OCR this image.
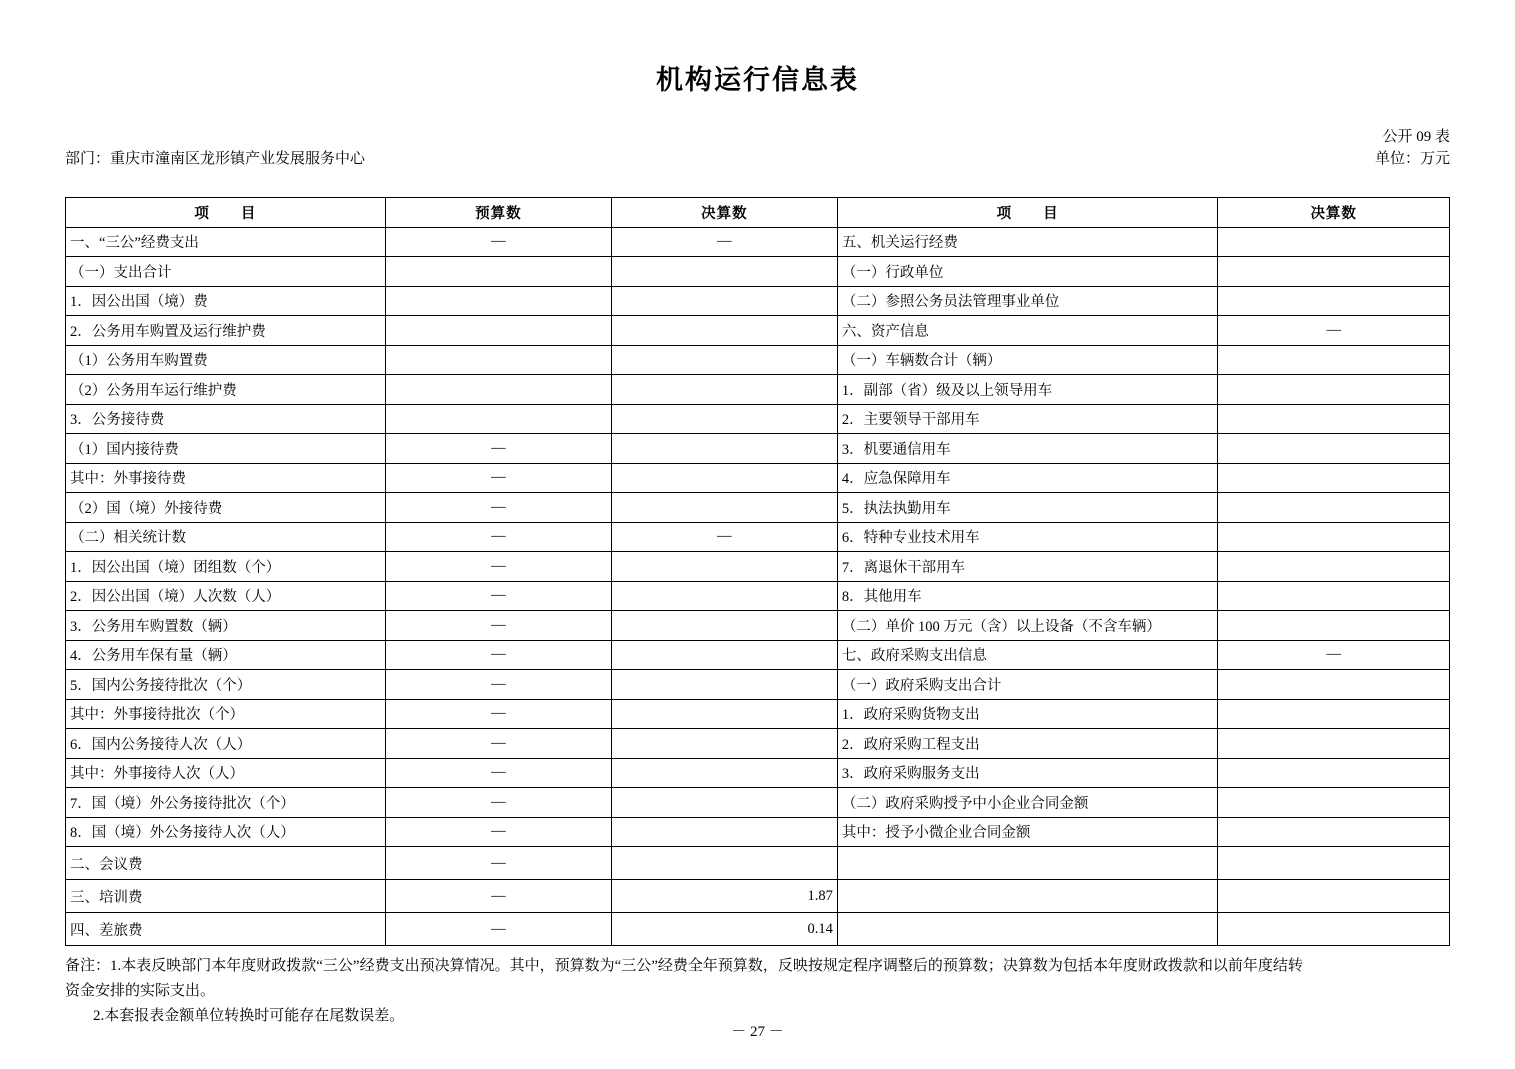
机构运行信息表
公开 09 表
部门：重庆市潼南区龙形镇产业发展服务中心	单位：万元
项　　目	预算数	决算数	项　　目	决算数
一、“三公”经费支出	—	—	五、机关运行经费	
（一）支出合计			（一）行政单位	
1．因公出国（境）费			（二）参照公务员法管理事业单位	
2．公务用车购置及运行维护费			六、资产信息	—
（1）公务用车购置费			（一）车辆数合计（辆）	
（2）公务用车运行维护费			1．副部（省）级及以上领导用车	
3．公务接待费			2．主要领导干部用车	
（1）国内接待费	—		3．机要通信用车	
其中：外事接待费	—		4．应急保障用车	
（2）国（境）外接待费	—		5．执法执勤用车	
（二）相关统计数	—	—	6．特种专业技术用车	
1．因公出国（境）团组数（个）	—		7．离退休干部用车	
2．因公出国（境）人次数（人）	—		8．其他用车	
3．公务用车购置数（辆）	—		（二）单价 100 万元（含）以上设备（不含车辆）	
4．公务用车保有量（辆）	—		七、政府采购支出信息	—
5．国内公务接待批次（个）	—		（一）政府采购支出合计	
其中：外事接待批次（个）	—		1．政府采购货物支出	
6．国内公务接待人次（人）	—		2．政府采购工程支出	
其中：外事接待人次（人）	—		3．政府采购服务支出	
7．国（境）外公务接待批次（个）	—		（二）政府采购授予中小企业合同金额	
8．国（境）外公务接待人次（人）	—		其中：授予小微企业合同金额	
二、会议费	—			
三、培训费	—	1.87		
四、差旅费	—	0.14		

备注：1.本表反映部门本年度财政拨款“三公”经费支出预决算情况。其中，预算数为“三公”经费全年预算数，反映按规定程序调整后的预算数；决算数为包括本年度财政拨款和以前年度结转

资金安排的实际支出。

2.本套报表金额单位转换时可能存在尾数误差。

－ 27 －
